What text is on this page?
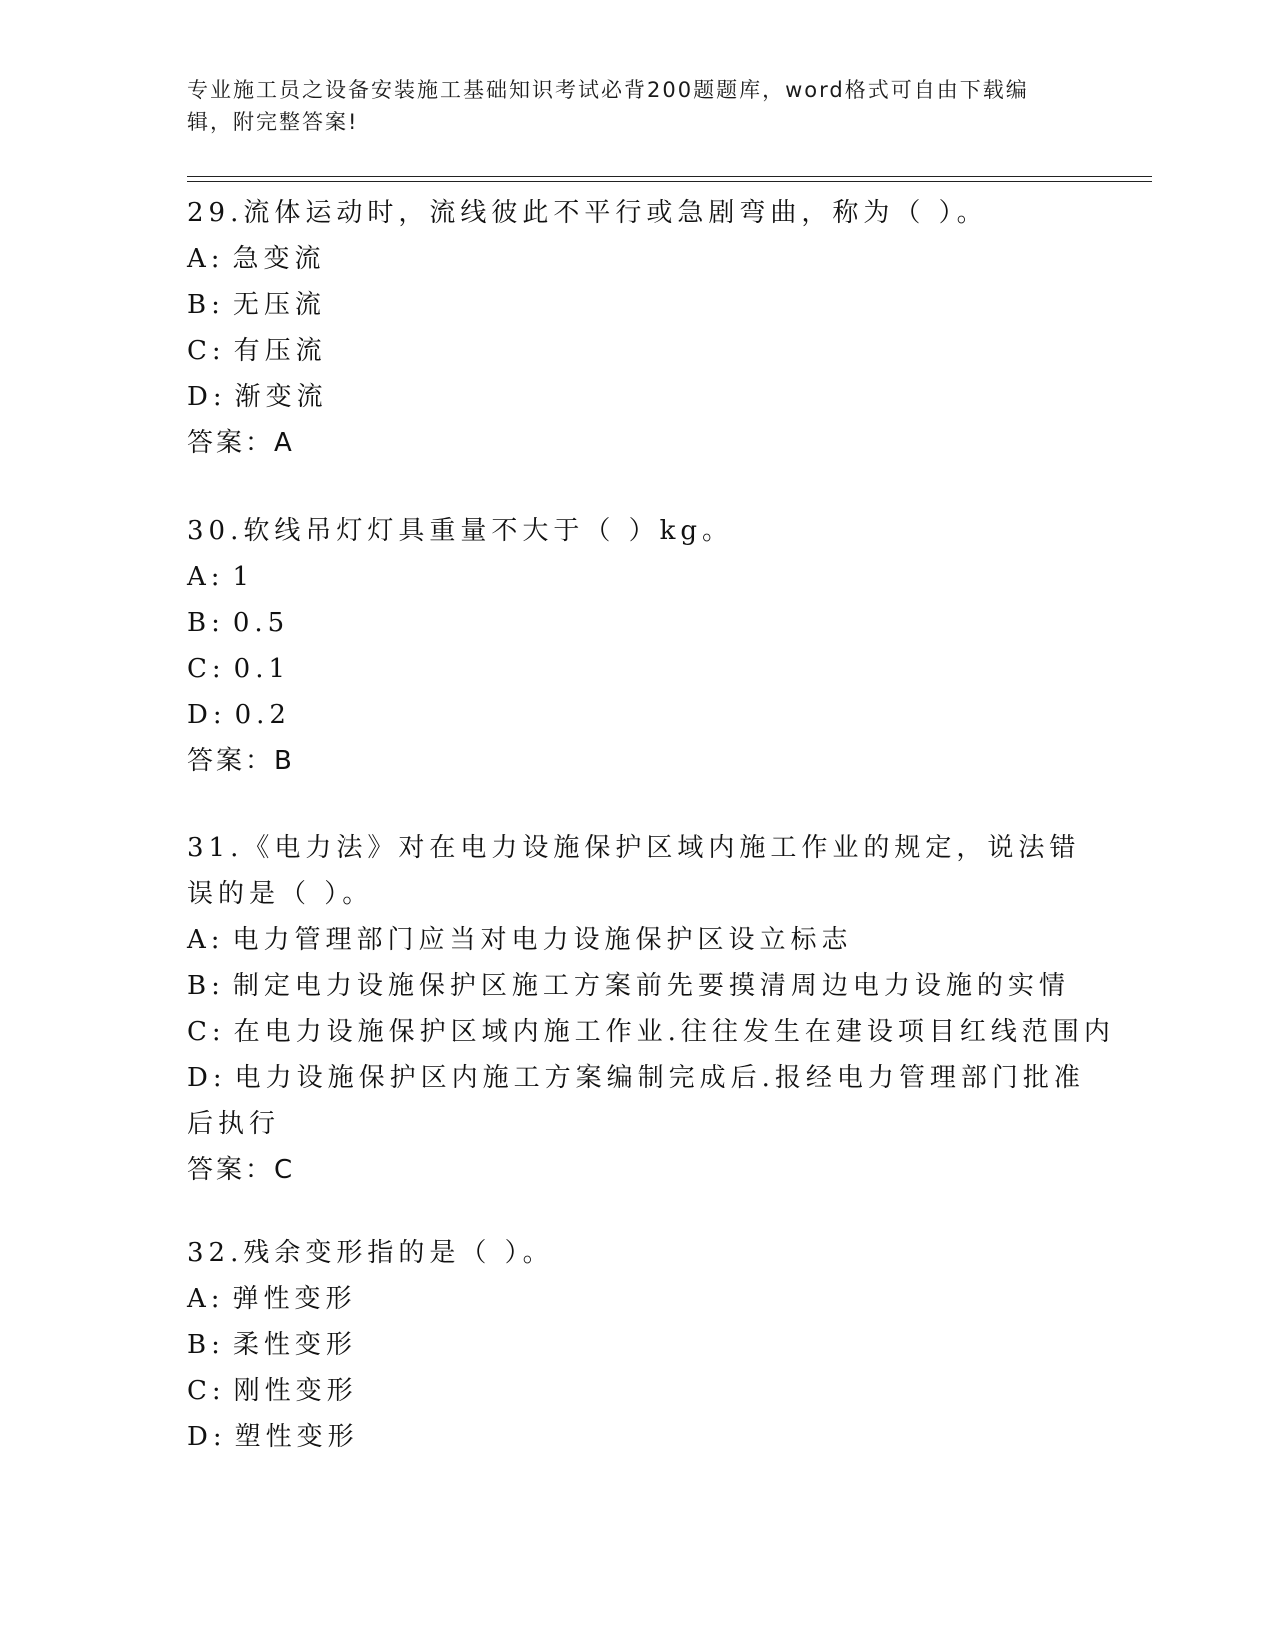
专业施工员之设备安装施工基础知识考试必背200题题库，word格式可自由下载编辑，附完整答案!

29.流体运动时，流线彼此不平行或急剧弯曲，称为（ ）。

A: 急变流

B: 无压流

C: 有压流

D: 渐变流

答案：A

30.软线吊灯灯具重量不大于（ ）kg。

A: 1

B: 0.5

C: 0.1

D: 0.2

答案：B

31.《电力法》对在电力设施保护区域内施工作业的规定，说法错误的是（ ）。

A: 电力管理部门应当对电力设施保护区设立标志

B: 制定电力设施保护区施工方案前先要摸清周边电力设施的实情

C: 在电力设施保护区域内施工作业.往往发生在建设项目红线范围内

D: 电力设施保护区内施工方案编制完成后.报经电力管理部门批准后执行

答案：C

32.残余变形指的是（ ）。

A: 弹性变形

B: 柔性变形

C: 刚性变形

D: 塑性变形
